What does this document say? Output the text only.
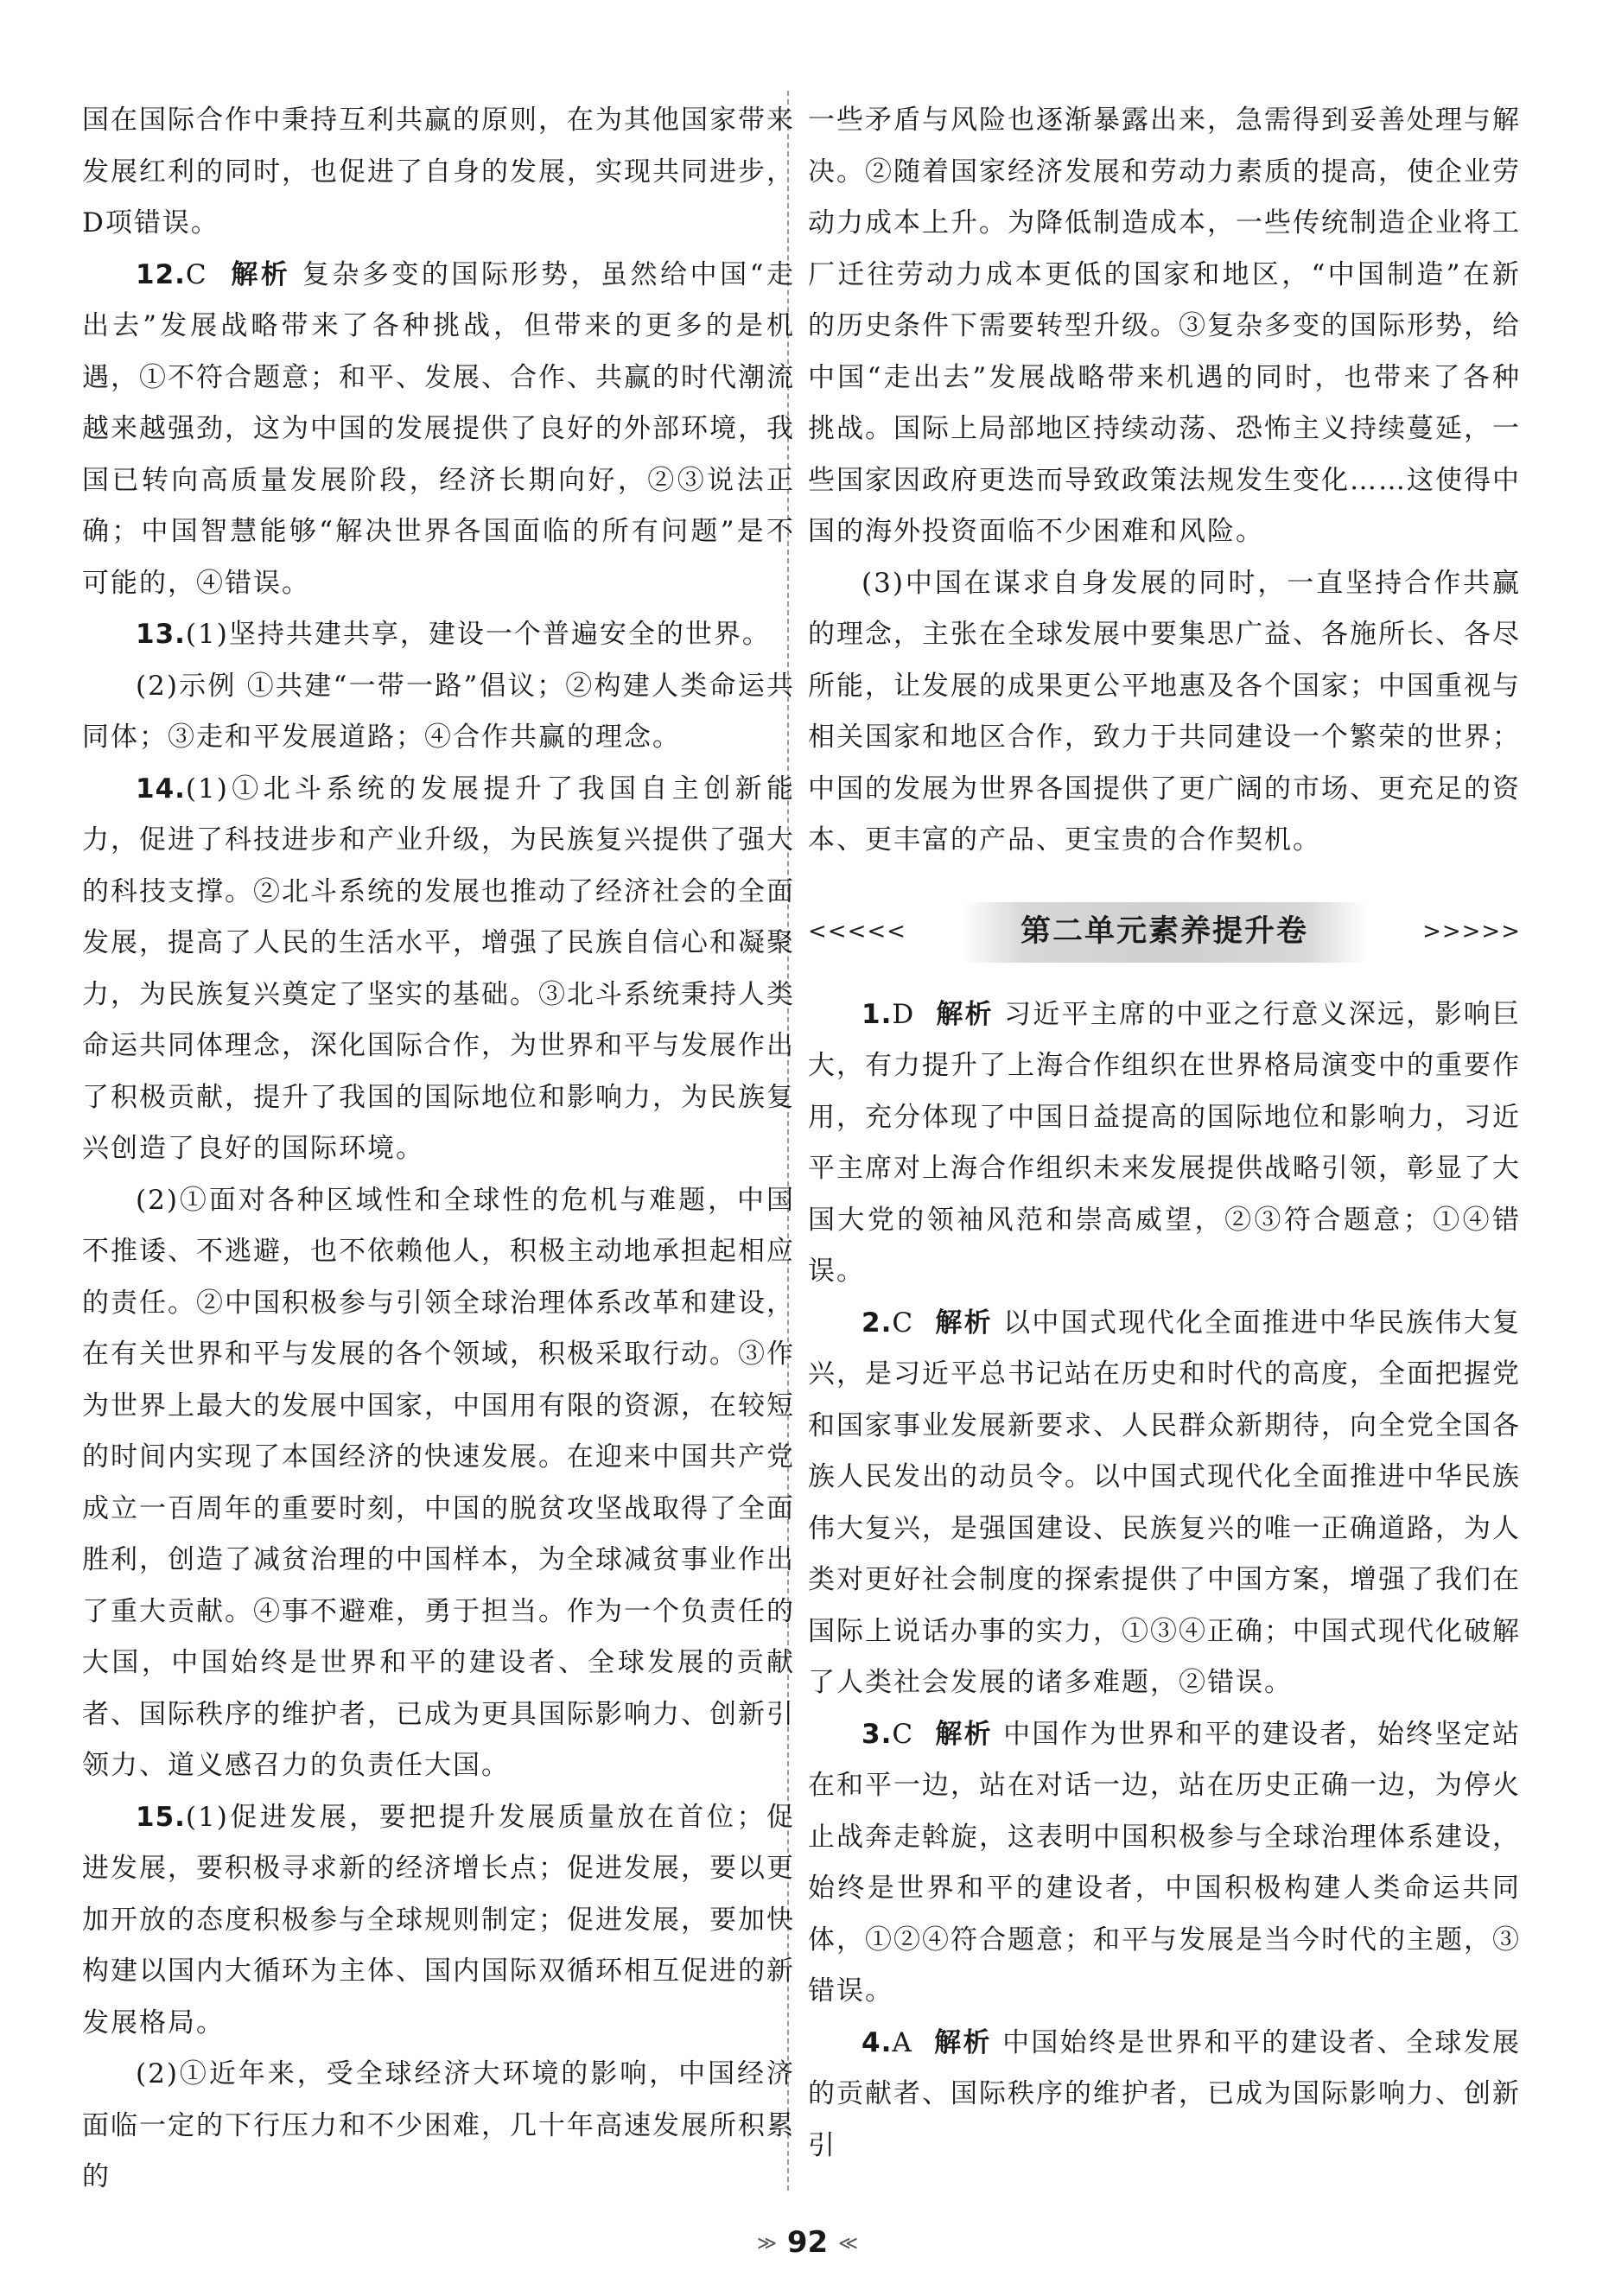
国在国际合作中秉持互利共赢的原则，在为其他国家带来发展红利的同时，也促进了自身的发展，实现共同进步，D项错误。

12.C 解析 复杂多变的国际形势，虽然给中国“走出去”发展战略带来了各种挑战，但带来的更多的是机遇，①不符合题意；和平、发展、合作、共赢的时代潮流越来越强劲，这为中国的发展提供了良好的外部环境，我国已转向高质量发展阶段，经济长期向好，②③说法正确；中国智慧能够“解决世界各国面临的所有问题”是不可能的，④错误。

13.(1)坚持共建共享，建设一个普遍安全的世界。

(2)示例 ①共建“一带一路”倡议；②构建人类命运共同体；③走和平发展道路；④合作共赢的理念。

14.(1)①北斗系统的发展提升了我国自主创新能力，促进了科技进步和产业升级，为民族复兴提供了强大的科技支撑。②北斗系统的发展也推动了经济社会的全面发展，提高了人民的生活水平，增强了民族自信心和凝聚力，为民族复兴奠定了坚实的基础。③北斗系统秉持人类命运共同体理念，深化国际合作，为世界和平与发展作出了积极贡献，提升了我国的国际地位和影响力，为民族复兴创造了良好的国际环境。

(2)①面对各种区域性和全球性的危机与难题，中国不推诿、不逃避，也不依赖他人，积极主动地承担起相应的责任。②中国积极参与引领全球治理体系改革和建设，在有关世界和平与发展的各个领域，积极采取行动。③作为世界上最大的发展中国家，中国用有限的资源，在较短的时间内实现了本国经济的快速发展。在迎来中国共产党成立一百周年的重要时刻，中国的脱贫攻坚战取得了全面胜利，创造了减贫治理的中国样本，为全球减贫事业作出了重大贡献。④事不避难，勇于担当。作为一个负责任的大国，中国始终是世界和平的建设者、全球发展的贡献者、国际秩序的维护者，已成为更具国际影响力、创新引领力、道义感召力的负责任大国。

15.(1)促进发展，要把提升发展质量放在首位；促进发展，要积极寻求新的经济增长点；促进发展，要以更加开放的态度积极参与全球规则制定；促进发展，要加快构建以国内大循环为主体、国内国际双循环相互促进的新发展格局。

(2)①近年来，受全球经济大环境的影响，中国经济面临一定的下行压力和不少困难，几十年高速发展所积累的

一些矛盾与风险也逐渐暴露出来，急需得到妥善处理与解决。②随着国家经济发展和劳动力素质的提高，使企业劳动力成本上升。为降低制造成本，一些传统制造企业将工厂迁往劳动力成本更低的国家和地区，“中国制造”在新的历史条件下需要转型升级。③复杂多变的国际形势，给中国“走出去”发展战略带来机遇的同时，也带来了各种挑战。国际上局部地区持续动荡、恐怖主义持续蔓延，一些国家因政府更迭而导致政策法规发生变化……这使得中国的海外投资面临不少困难和风险。

(3)中国在谋求自身发展的同时，一直坚持合作共赢的理念，主张在全球发展中要集思广益、各施所长、各尽所能，让发展的成果更公平地惠及各个国家；中国重视与相关国家和地区合作，致力于共同建设一个繁荣的世界；中国的发展为世界各国提供了更广阔的市场、更充足的资本、更丰富的产品、更宝贵的合作契机。

<<<<<	第二单元素养提升卷	>>>>>

1.D 解析 习近平主席的中亚之行意义深远，影响巨大，有力提升了上海合作组织在世界格局演变中的重要作用，充分体现了中国日益提高的国际地位和影响力，习近平主席对上海合作组织未来发展提供战略引领，彰显了大国大党的领袖风范和崇高威望，②③符合题意；①④错误。

2.C 解析 以中国式现代化全面推进中华民族伟大复兴，是习近平总书记站在历史和时代的高度，全面把握党和国家事业发展新要求、人民群众新期待，向全党全国各族人民发出的动员令。以中国式现代化全面推进中华民族伟大复兴，是强国建设、民族复兴的唯一正确道路，为人类对更好社会制度的探索提供了中国方案，增强了我们在国际上说话办事的实力，①③④正确；中国式现代化破解了人类社会发展的诸多难题，②错误。

3.C 解析 中国作为世界和平的建设者，始终坚定站在和平一边，站在对话一边，站在历史正确一边，为停火止战奔走斡旋，这表明中国积极参与全球治理体系建设，始终是世界和平的建设者，中国积极构建人类命运共同体，①②④符合题意；和平与发展是当今时代的主题，③错误。

4.A 解析 中国始终是世界和平的建设者、全球发展的贡献者、国际秩序的维护者，已成为国际影响力、创新引

≫ 92 ≪
